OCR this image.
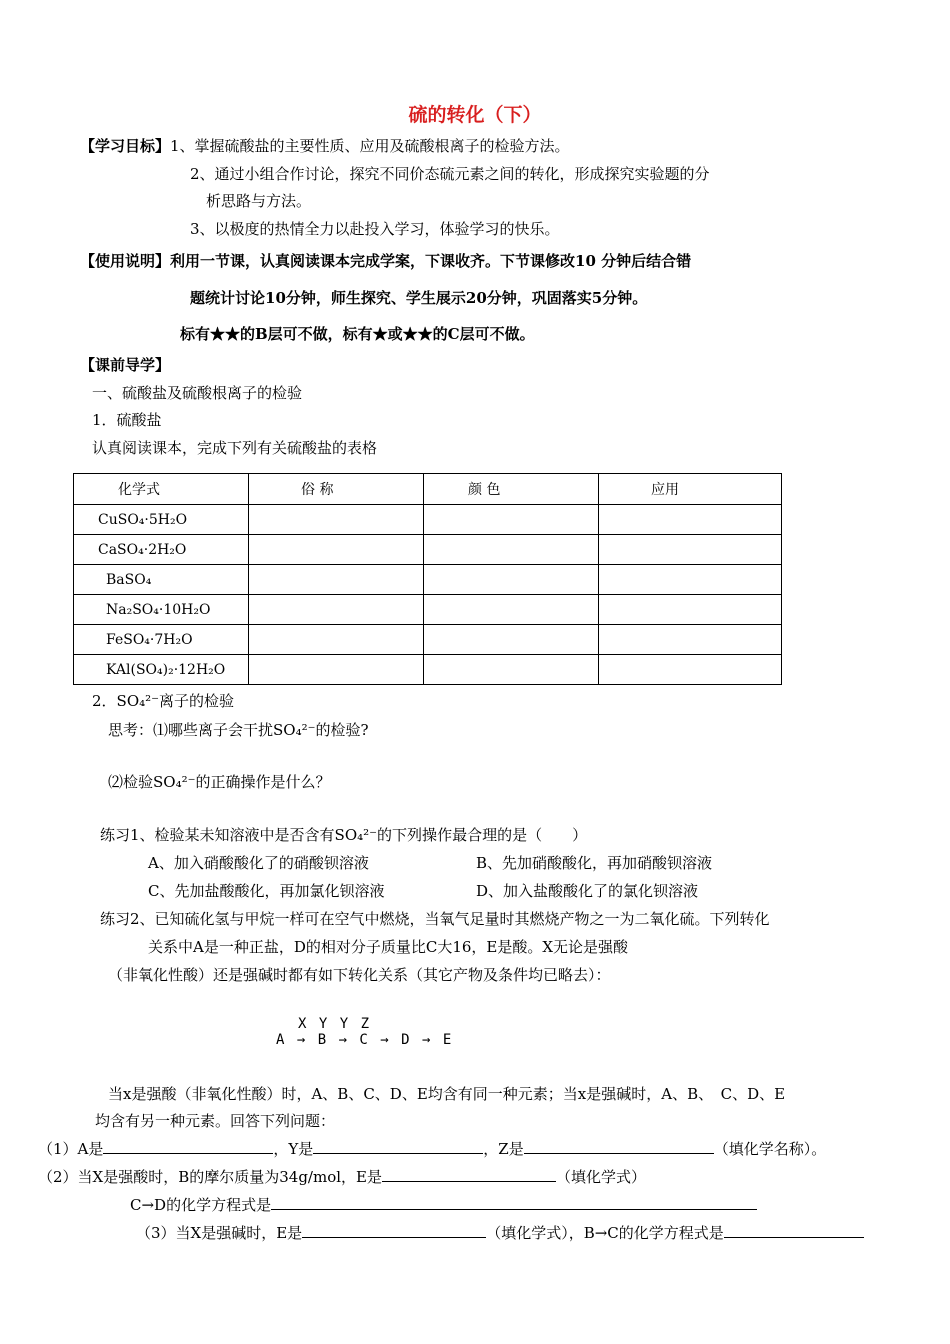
硫的转化（下）
【学习目标】1、掌握硫酸盐的主要性质、应用及硫酸根离子的检验方法。
2、通过小组合作讨论，探究不同价态硫元素之间的转化，形成探究实验题的分
析思路与方法。
3、以极度的热情全力以赴投入学习，体验学习的快乐。
【使用说明】利用一节课，认真阅读课本完成学案，下课收齐。下节课修改10 分钟后结合错
题统计讨论10分钟，师生探究、学生展示20分钟，巩固落实5分钟。
标有★★的B层可不做，标有★或★★的C层可不做。
【课前导学】
一、硫酸盐及硫酸根离子的检验
1．硫酸盐
认真阅读课本，完成下列有关硫酸盐的表格
化学式	俗 称	颜 色	应用
CuSO₄·5H₂O			
CaSO₄·2H₂O			
BaSO₄			
Na₂SO₄·10H₂O			
FeSO₄·7H₂O			
KAl(SO₄)₂·12H₂O			
2．SO₄²⁻离子的检验
思考：⑴哪些离子会干扰SO₄²⁻的检验?
⑵检验SO₄²⁻的正确操作是什么？
练习1、检验某未知溶液中是否含有SO₄²⁻的下列操作最合理的是（　　）
A、加入硝酸酸化了的硝酸钡溶液	B、先加硝酸酸化，再加硝酸钡溶液
C、先加盐酸酸化，再加氯化钡溶液	D、加入盐酸酸化了的氯化钡溶液
练习2、已知硫化氢与甲烷一样可在空气中燃烧，当氧气足量时其燃烧产物之一为二氧化硫。下列转化
关系中A是一种正盐，D的相对分子质量比C大16，E是酸。X无论是强酸
（非氧化性酸）还是强碱时都有如下转化关系（其它产物及条件均已略去）：
X Y Y Z
A → B → C → D → E
当x是强酸（非氧化性酸）时，A、B、C、D、E均含有同一种元素；当x是强碱时，A、B、　C、D、E
均含有另一种元素。回答下列问题：
（1）A是	，Y是	，Z是	（填化学名称）。
（2）当X是强酸时，B的摩尔质量为34g/mol，E是	（填化学式）
C→D的化学方程式是
（3）当X是强碱时，E是	（填化学式），B→C的化学方程式是
